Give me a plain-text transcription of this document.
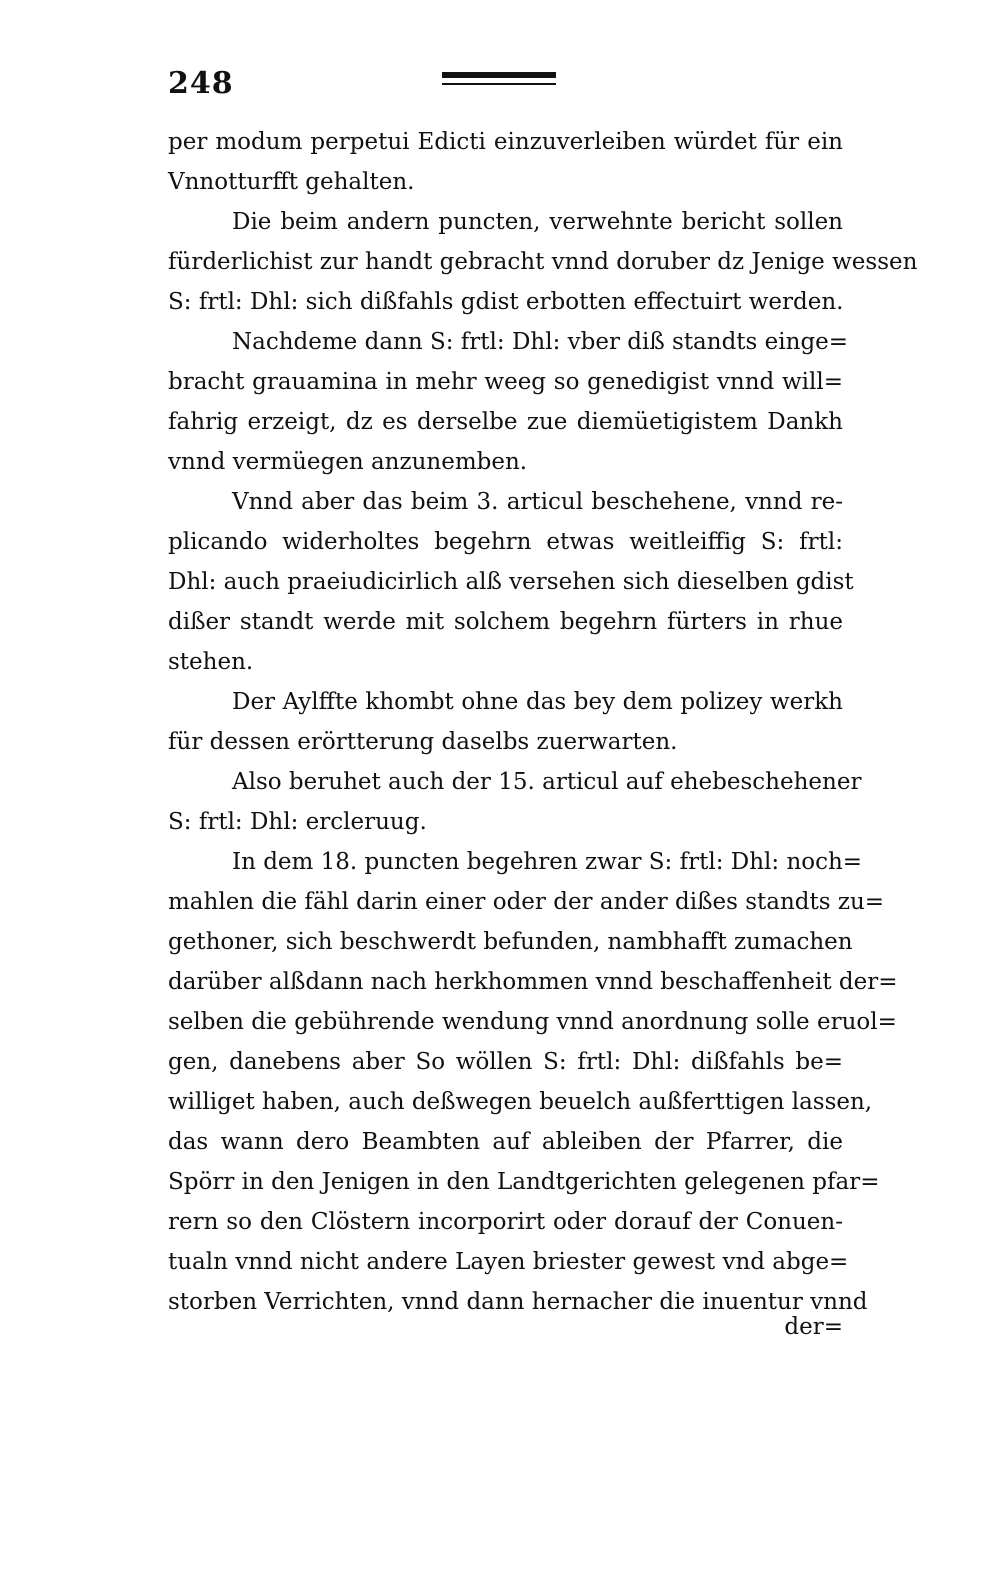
248
per modum perpetui Edicti einzuverleiben würdet für ein
Vnnotturfft gehalten.
Die beim andern puncten, verwehnte bericht sollen
fürderlichist zur handt gebracht vnnd doruber dz Jenige wessen
S: frtl: Dhl: sich dißfahls gdist erbotten effectuirt werden.
Nachdeme dann S: frtl: Dhl: vber diß standts einge=
bracht grauamina in mehr weeg so genedigist vnnd will=
fahrig erzeigt, dz es derselbe zue diemüetigistem Dankh
vnnd vermüegen anzunemben.
Vnnd aber das beim 3. articul beschehene, vnnd re-
plicando widerholtes begehrn etwas weitleiffig S: frtl:
Dhl: auch praeiudicirlich alß versehen sich dieselben gdist
dißer standt werde mit solchem begehrn fürters in rhue
stehen.
Der Aylffte khombt ohne das bey dem polizey werkh
für dessen erörtterung daselbs zuerwarten.
Also beruhet auch der 15. articul auf ehebeschehener
S: frtl: Dhl: ercleruug.
In dem 18. puncten begehren zwar S: frtl: Dhl: noch=
mahlen die fähl darin einer oder der ander dißes standts zu=
gethoner, sich beschwerdt befunden, nambhafft zumachen
darüber alßdann nach herkhommen vnnd beschaffenheit der=
selben die gebührende wendung vnnd anordnung solle eruol=
gen, danebens aber So wöllen S: frtl: Dhl: dißfahls be=
williget haben, auch deßwegen beuelch außferttigen lassen,
das wann dero Beambten auf ableiben der Pfarrer, die
Spörr in den Jenigen in den Landtgerichten gelegenen pfar=
rern so den Clöstern incorporirt oder dorauf der Conuen-
tualn vnnd nicht andere Layen briester gewest vnd abge=
storben Verrichten, vnnd dann hernacher die inuentur vnnd
der=
